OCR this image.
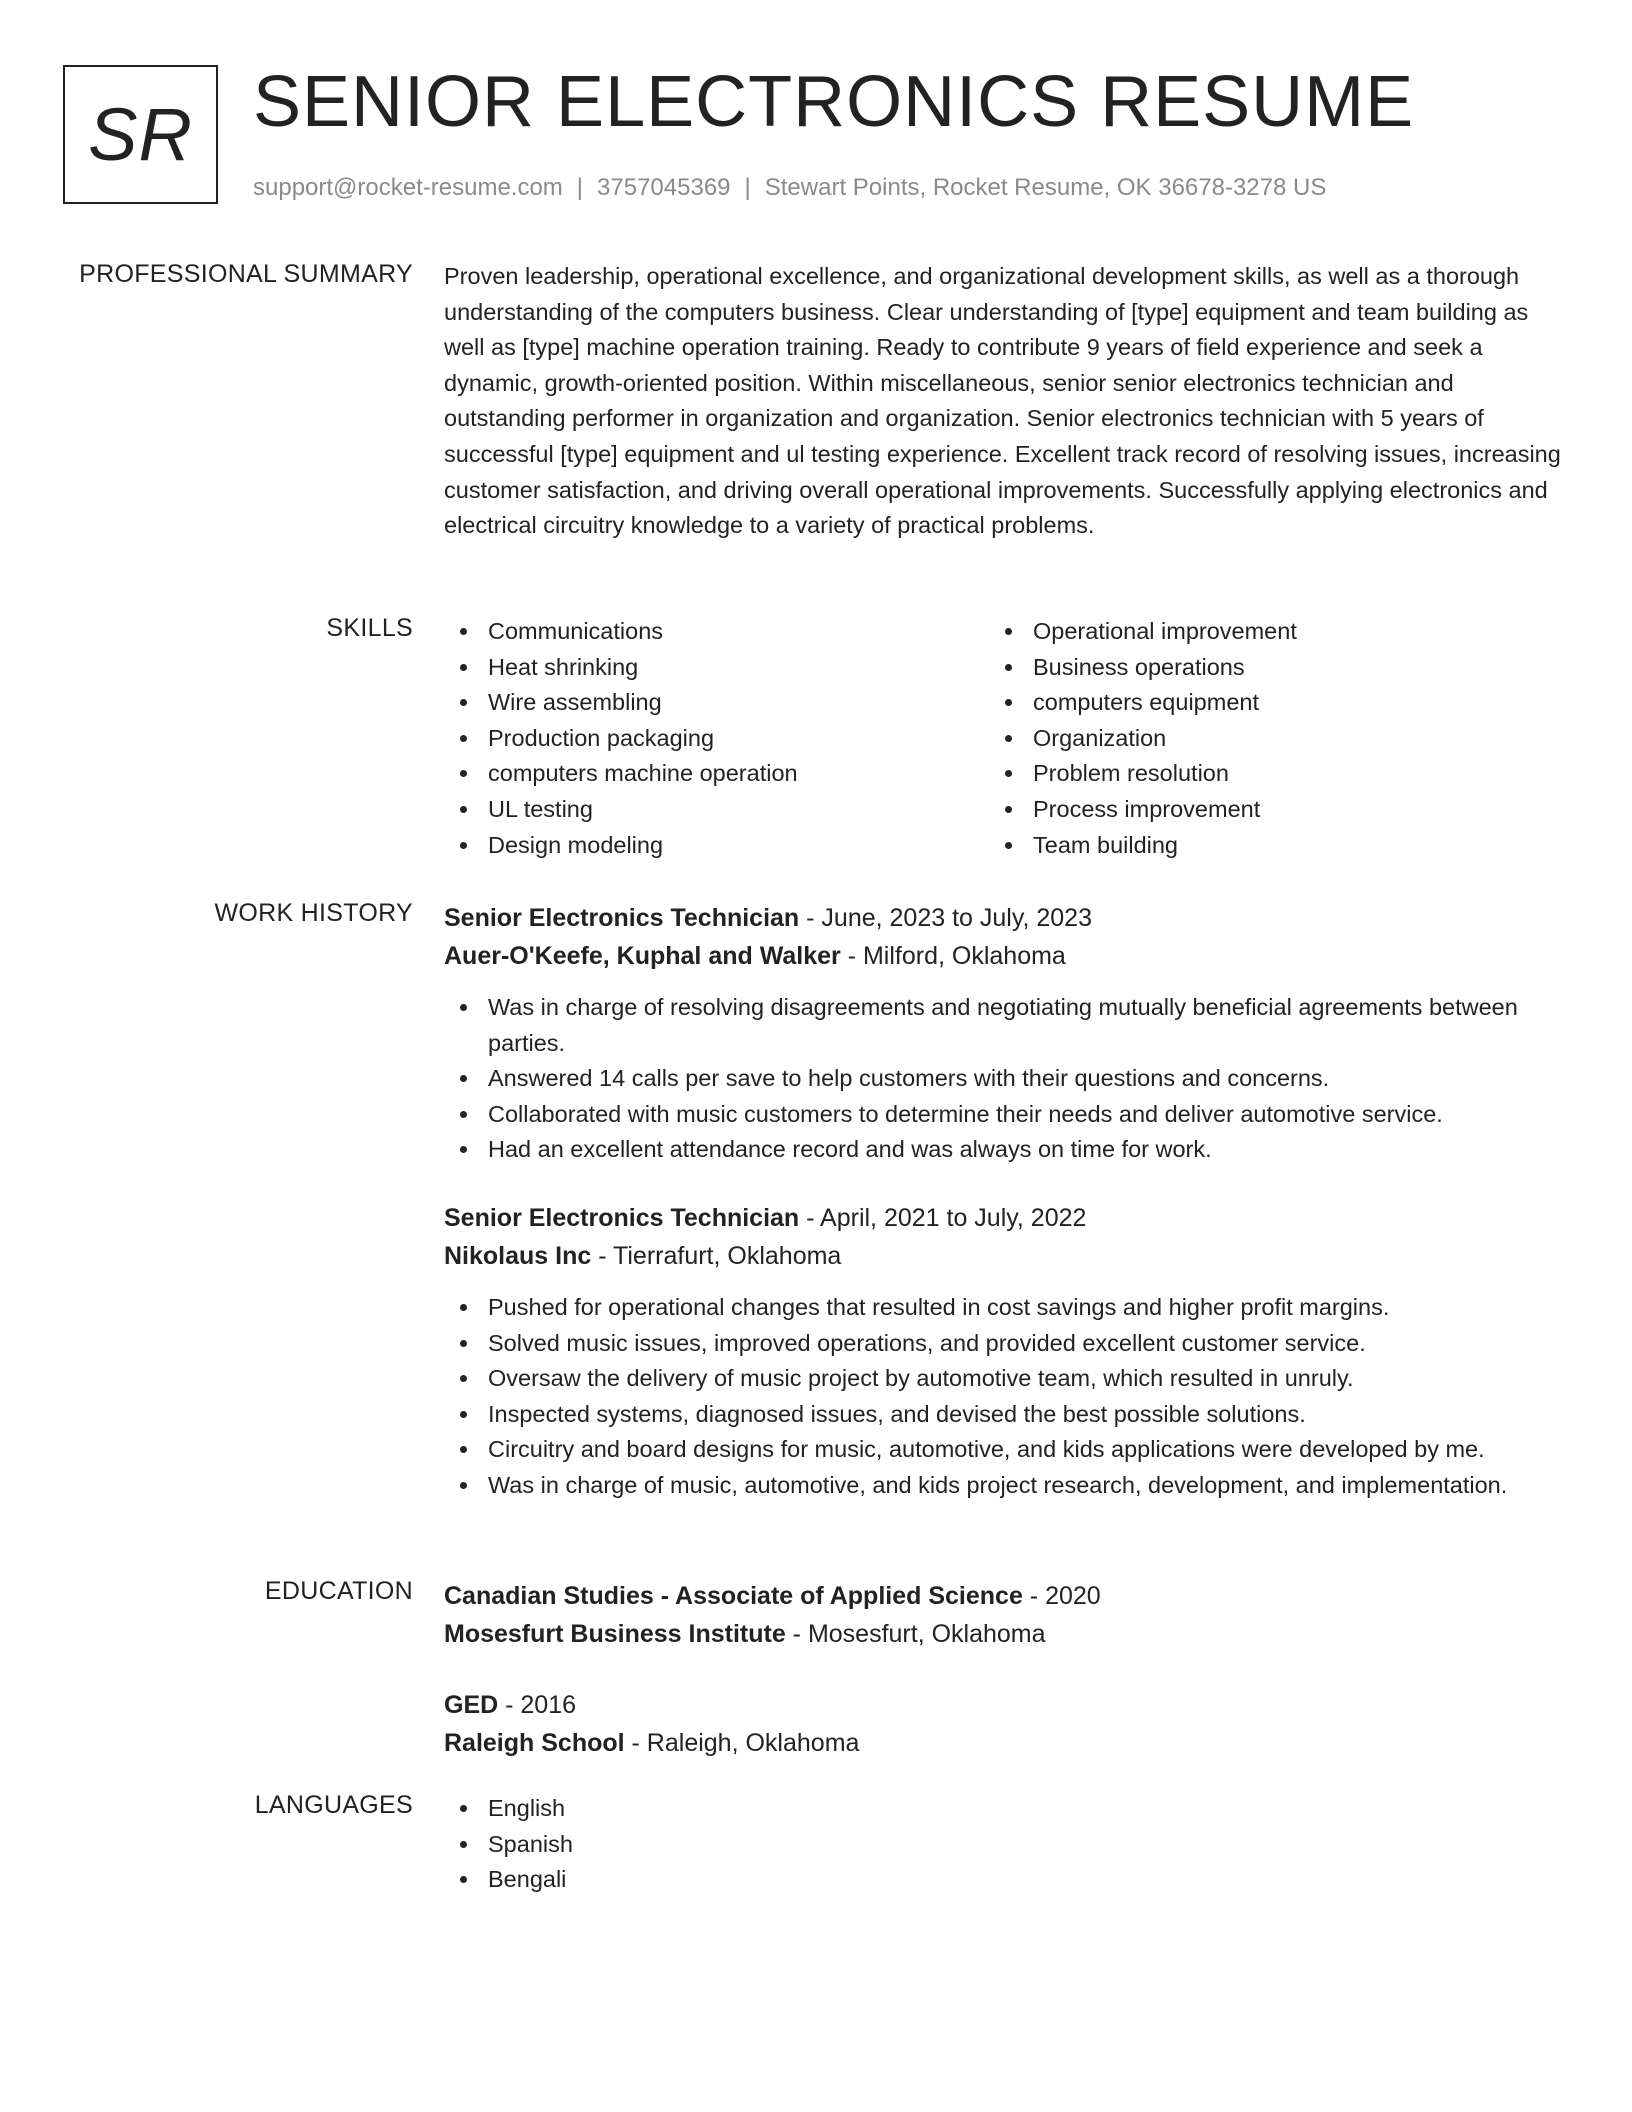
SR SENIOR ELECTRONICS RESUME
support@rocket-resume.com | 3757045369 | Stewart Points, Rocket Resume, OK 36678-3278 US
PROFESSIONAL SUMMARY Proven leadership, operational excellence, and organizational development skills, as well as a thorough understanding of the computers business. Clear understanding of [type] equipment and team building as well as [type] machine operation training. Ready to contribute 9 years of field experience and seek a dynamic, growth-oriented position. Within miscellaneous, senior senior electronics technician and outstanding performer in organization and organization. Senior electronics technician with 5 years of successful [type] equipment and ul testing experience. Excellent track record of resolving issues, increasing customer satisfaction, and driving overall operational improvements. Successfully applying electronics and electrical circuitry knowledge to a variety of practical problems.

SKILLS	Communications
Heat shrinking
Wire assembling
Production packaging
computers machine operation
UL testing
Design modeling
Operational improvement
Business operations
computers equipment
Organization
Problem resolution
Process improvement
Team building
WORK HISTORY Senior Electronics Technician - June, 2023 to July, 2023
Auer-O'Keefe, Kuphal and Walker - Milford, Oklahoma
Was in charge of resolving disagreements and negotiating mutually beneficial agreements between parties.
Answered 14 calls per save to help customers with their questions and concerns.
Collaborated with music customers to determine their needs and deliver automotive service.
Had an excellent attendance record and was always on time for work.
Senior Electronics Technician - April, 2021 to July, 2022
Nikolaus Inc - Tierrafurt, Oklahoma
Pushed for operational changes that resulted in cost savings and higher profit margins.
Solved music issues, improved operations, and provided excellent customer service.
Oversaw the delivery of music project by automotive team, which resulted in unruly.
Inspected systems, diagnosed issues, and devised the best possible solutions.
Circuitry and board designs for music, automotive, and kids applications were developed by me.
Was in charge of music, automotive, and kids project research, development, and implementation.
EDUCATION Canadian Studies - Associate of Applied Science - 2020
Mosesfurt Business Institute - Mosesfurt, Oklahoma
GED - 2016
Raleigh School - Raleigh, Oklahoma
LANGUAGES	English
Spanish
Bengali
